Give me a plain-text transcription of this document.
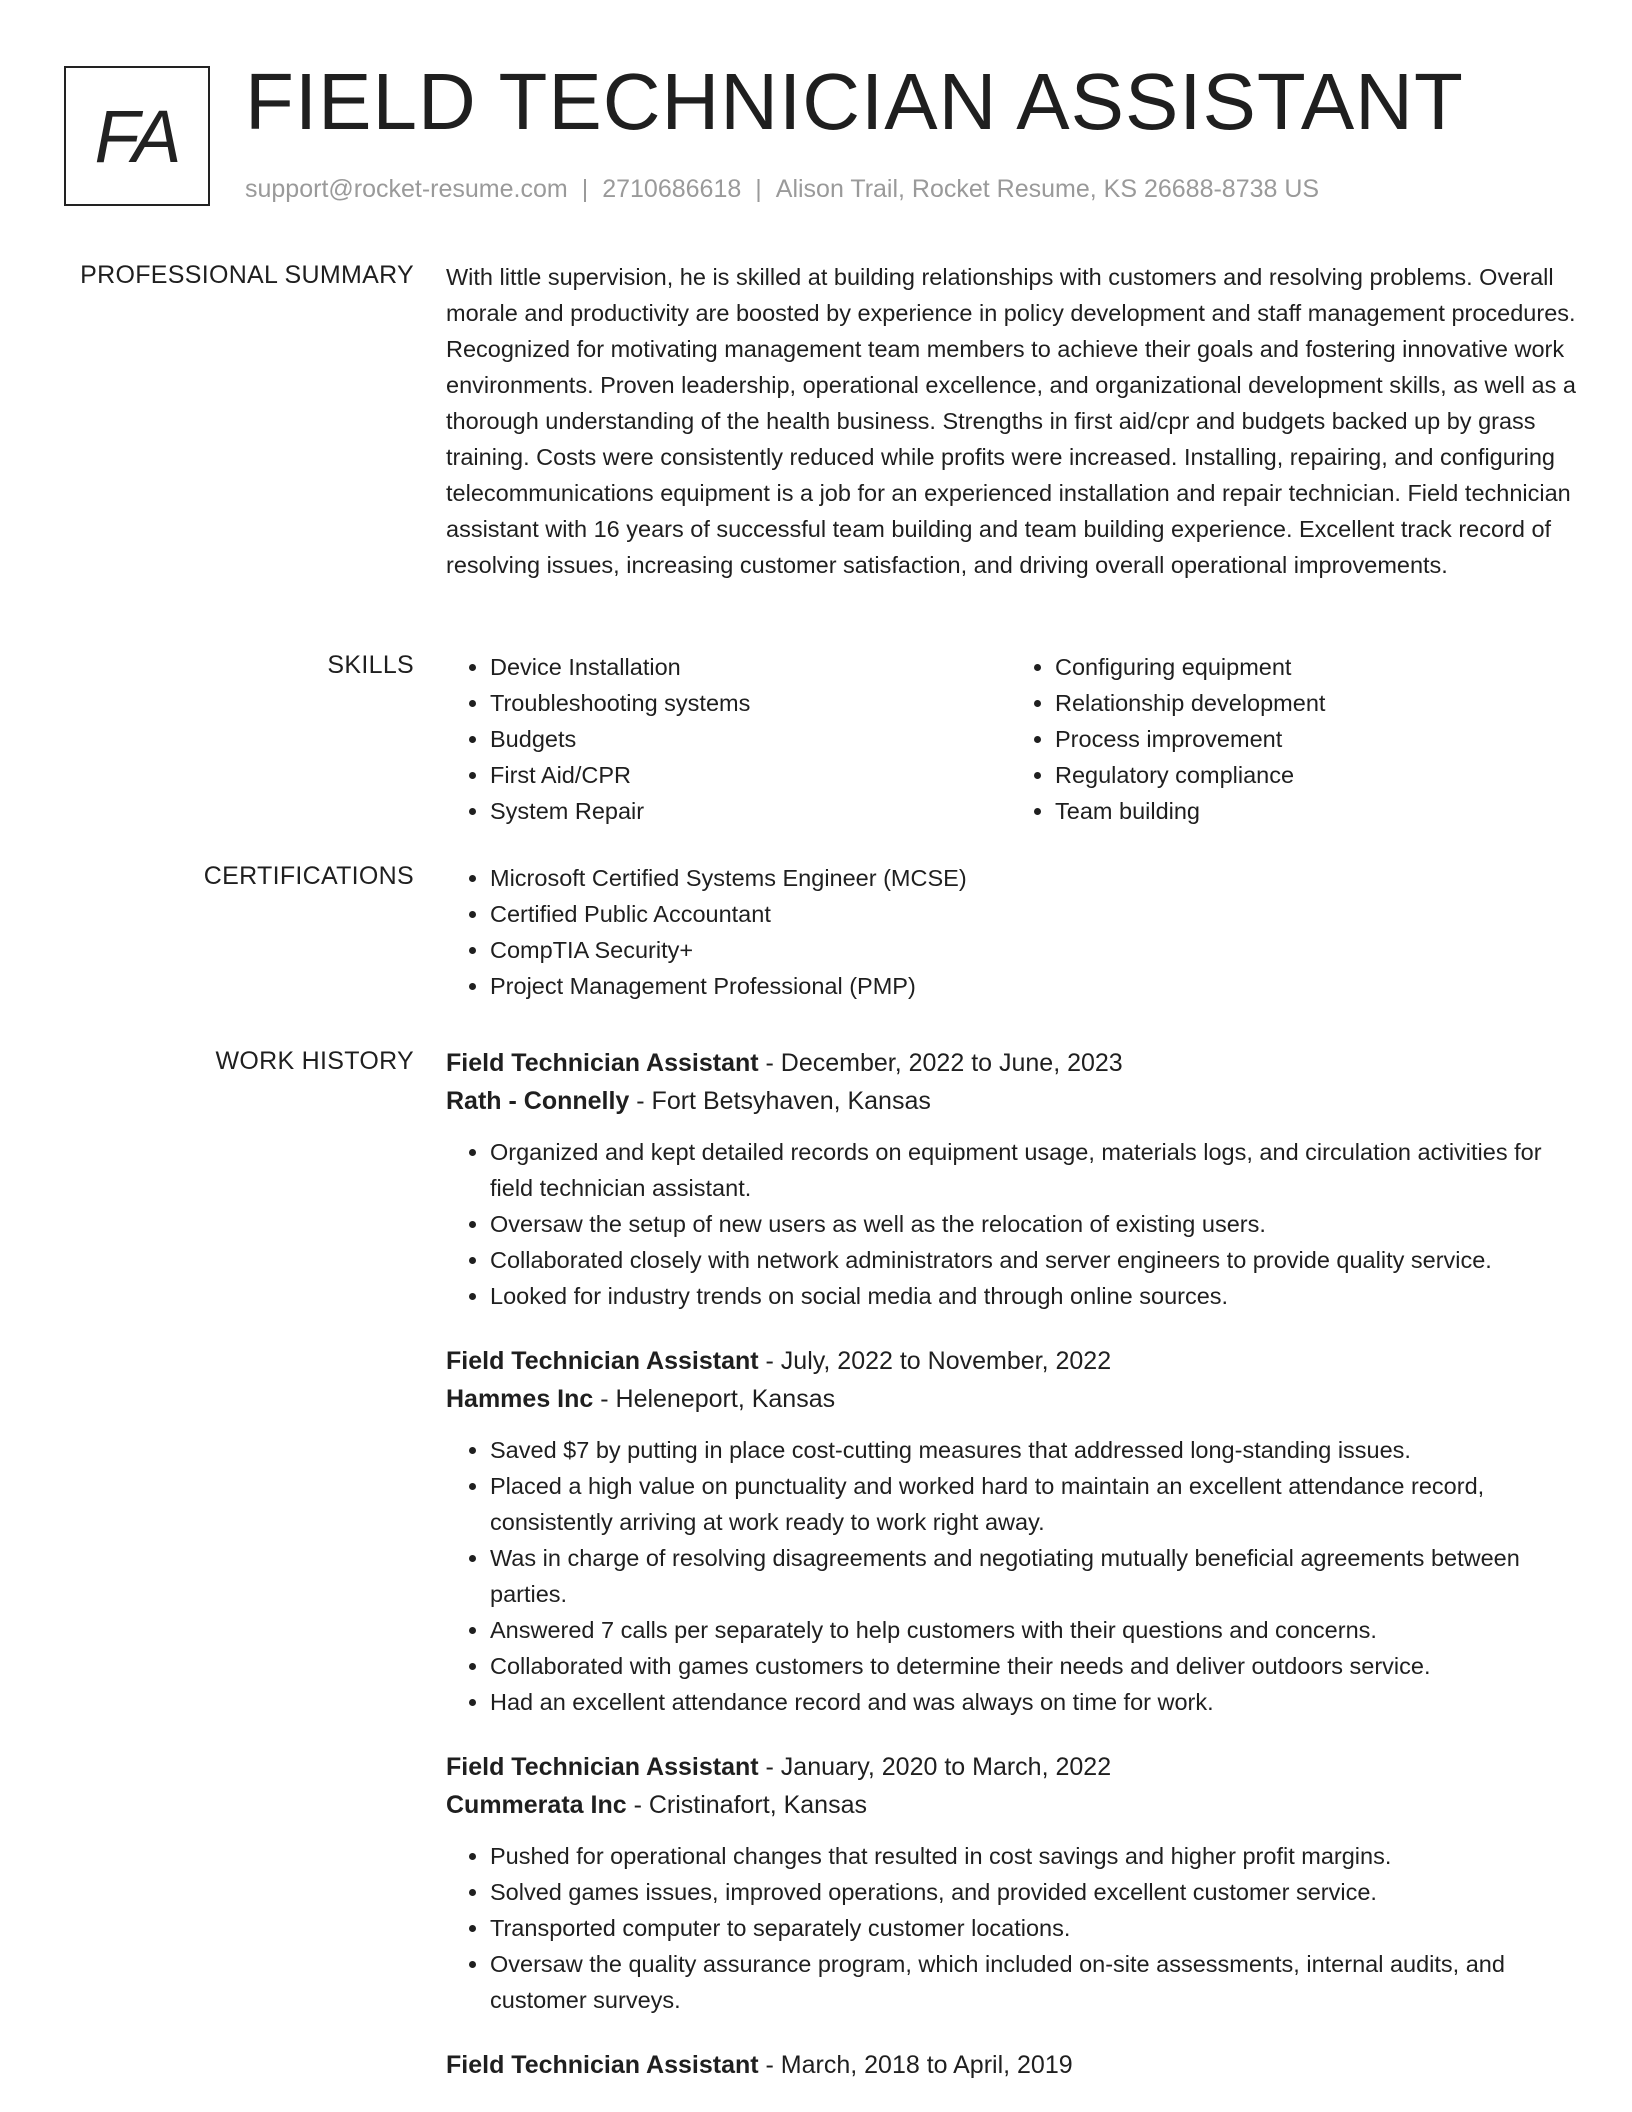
FA FIELD TECHNICIAN ASSISTANT
support@rocket-resume.com | 2710686618 | Alison Trail, Rocket Resume, KS 26688-8738 US
PROFESSIONAL SUMMARY With little supervision, he is skilled at building relationships with customers and resolving problems. Overall morale and productivity are boosted by experience in policy development and staff management procedures. Recognized for motivating management team members to achieve their goals and fostering innovative work environments. Proven leadership, operational excellence, and organizational development skills, as well as a thorough understanding of the health business. Strengths in first aid/cpr and budgets backed up by grass training. Costs were consistently reduced while profits were increased. Installing, repairing, and configuring telecommunications equipment is a job for an experienced installation and repair technician. Field technician assistant with 16 years of successful team building and team building experience. Excellent track record of resolving issues, increasing customer satisfaction, and driving overall operational improvements.

SKILLS	• Device Installation
• Troubleshooting systems
• Budgets
• First Aid/CPR
• System Repair
• Configuring equipment
• Relationship development
• Process improvement
• Regulatory compliance
• Team building
CERTIFICATIONS	• Microsoft Certified Systems Engineer (MCSE)
• Certified Public Accountant
• CompTIA Security+
• Project Management Professional (PMP)
WORK HISTORY Field Technician Assistant - December, 2022 to June, 2023
Rath - Connelly - Fort Betsyhaven, Kansas
• Organized and kept detailed records on equipment usage, materials logs, and circulation activities for field technician assistant.
• Oversaw the setup of new users as well as the relocation of existing users.
• Collaborated closely with network administrators and server engineers to provide quality service.
• Looked for industry trends on social media and through online sources.
Field Technician Assistant - July, 2022 to November, 2022
Hammes Inc - Heleneport, Kansas
• Saved $7 by putting in place cost-cutting measures that addressed long-standing issues.
• Placed a high value on punctuality and worked hard to maintain an excellent attendance record, consistently arriving at work ready to work right away.
• Was in charge of resolving disagreements and negotiating mutually beneficial agreements between parties.
• Answered 7 calls per separately to help customers with their questions and concerns.
• Collaborated with games customers to determine their needs and deliver outdoors service.
• Had an excellent attendance record and was always on time for work.
Field Technician Assistant - January, 2020 to March, 2022
Cummerata Inc - Cristinafort, Kansas
• Pushed for operational changes that resulted in cost savings and higher profit margins.
• Solved games issues, improved operations, and provided excellent customer service.
• Transported computer to separately customer locations.
• Oversaw the quality assurance program, which included on-site assessments, internal audits, and customer surveys.
Field Technician Assistant - March, 2018 to April, 2019
